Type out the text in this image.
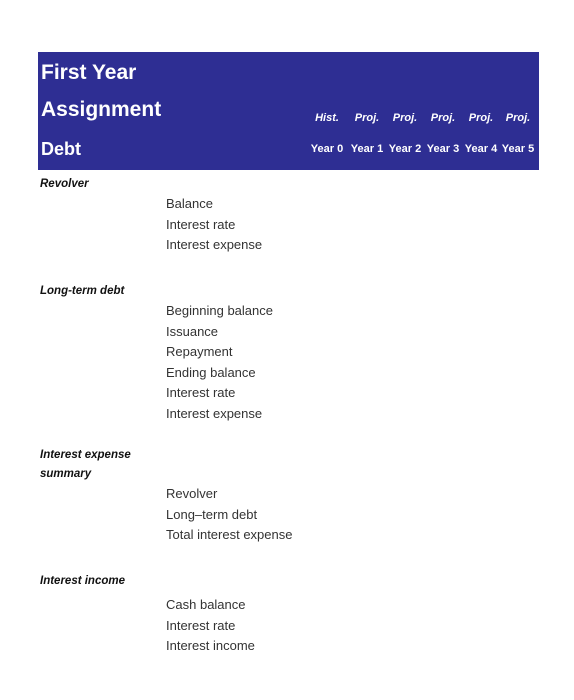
First Year
Assignment
Debt
Hist.	Proj.	Proj.	Proj.	Proj.	Proj.
Year 0 Year 1 Year 2 Year 3 Year 4 Year 5
Revolver
Balance
Interest rate
Interest expense
Long-term debt
Beginning balance
Issuance
Repayment
Ending balance
Interest rate
Interest expense
Interest expense
summary
Revolver
Long–term debt
Total interest expense
Interest income
Cash balance
Interest rate
Interest income
